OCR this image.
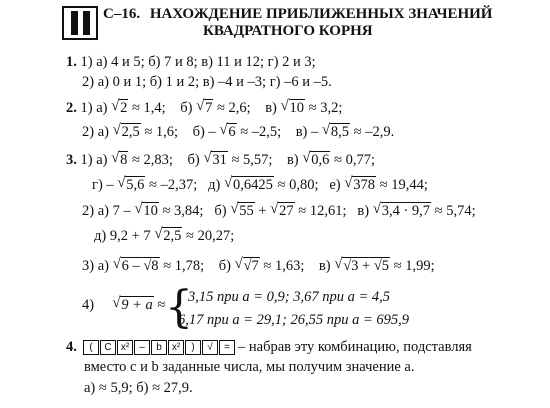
С–16. НАХОЖДЕНИЕ ПРИБЛИЖЕННЫХ ЗНАЧЕНИЙ
КВАДРАТНОГО КОРНЯ
1. 1) а) 4 и 5; б) 7 и 8; в) 11 и 12; г) 2 и 3;
2) а) 0 и 1; б) 1 и 2; в) –4 и –3; г) –6 и –5.
2. 1) а) √ 2 ≈ 1,4; б) √ 7 ≈ 2,6; в) √ 10 ≈ 3,2;
2) а) √ 2,5 ≈ 1,6; б) – √ 6 ≈ –2,5; в) – √ 8,5 ≈ –2,9.
3. 1) а) √ 8 ≈ 2,83; б) √ 31 ≈ 5,57; в) √ 0,6 ≈ 0,77;
г) – √ 5,6 ≈ –2,37; д) √ 0,6425 ≈ 0,80; е) √ 378 ≈ 19,44;
2) а) 7 – √ 10 ≈ 3,84; б) √ 55 + √ 27 ≈ 12,61; в) √ 3,4 · 9,7 ≈ 5,74;
д) 9,2 + 7 √ 2,5 ≈ 20,27;
3) а) √ 6 – √8 ≈ 1,78; б) √ √7 ≈ 1,63; в) √ √3 + √5 ≈ 1,99;
4) √ 9 + a ≈ {
3,15 при a = 0,9; 3,67 при a = 4,5
6,17 при a = 29,1; 26,55 при a = 695,9
4.	(	C x²	–	b	x²	)	√	= – набрав эту комбинацию, подставляя
вместо c и b заданные числа, мы получим значение a.
а) ≈ 5,9; б) ≈ 27,9.
